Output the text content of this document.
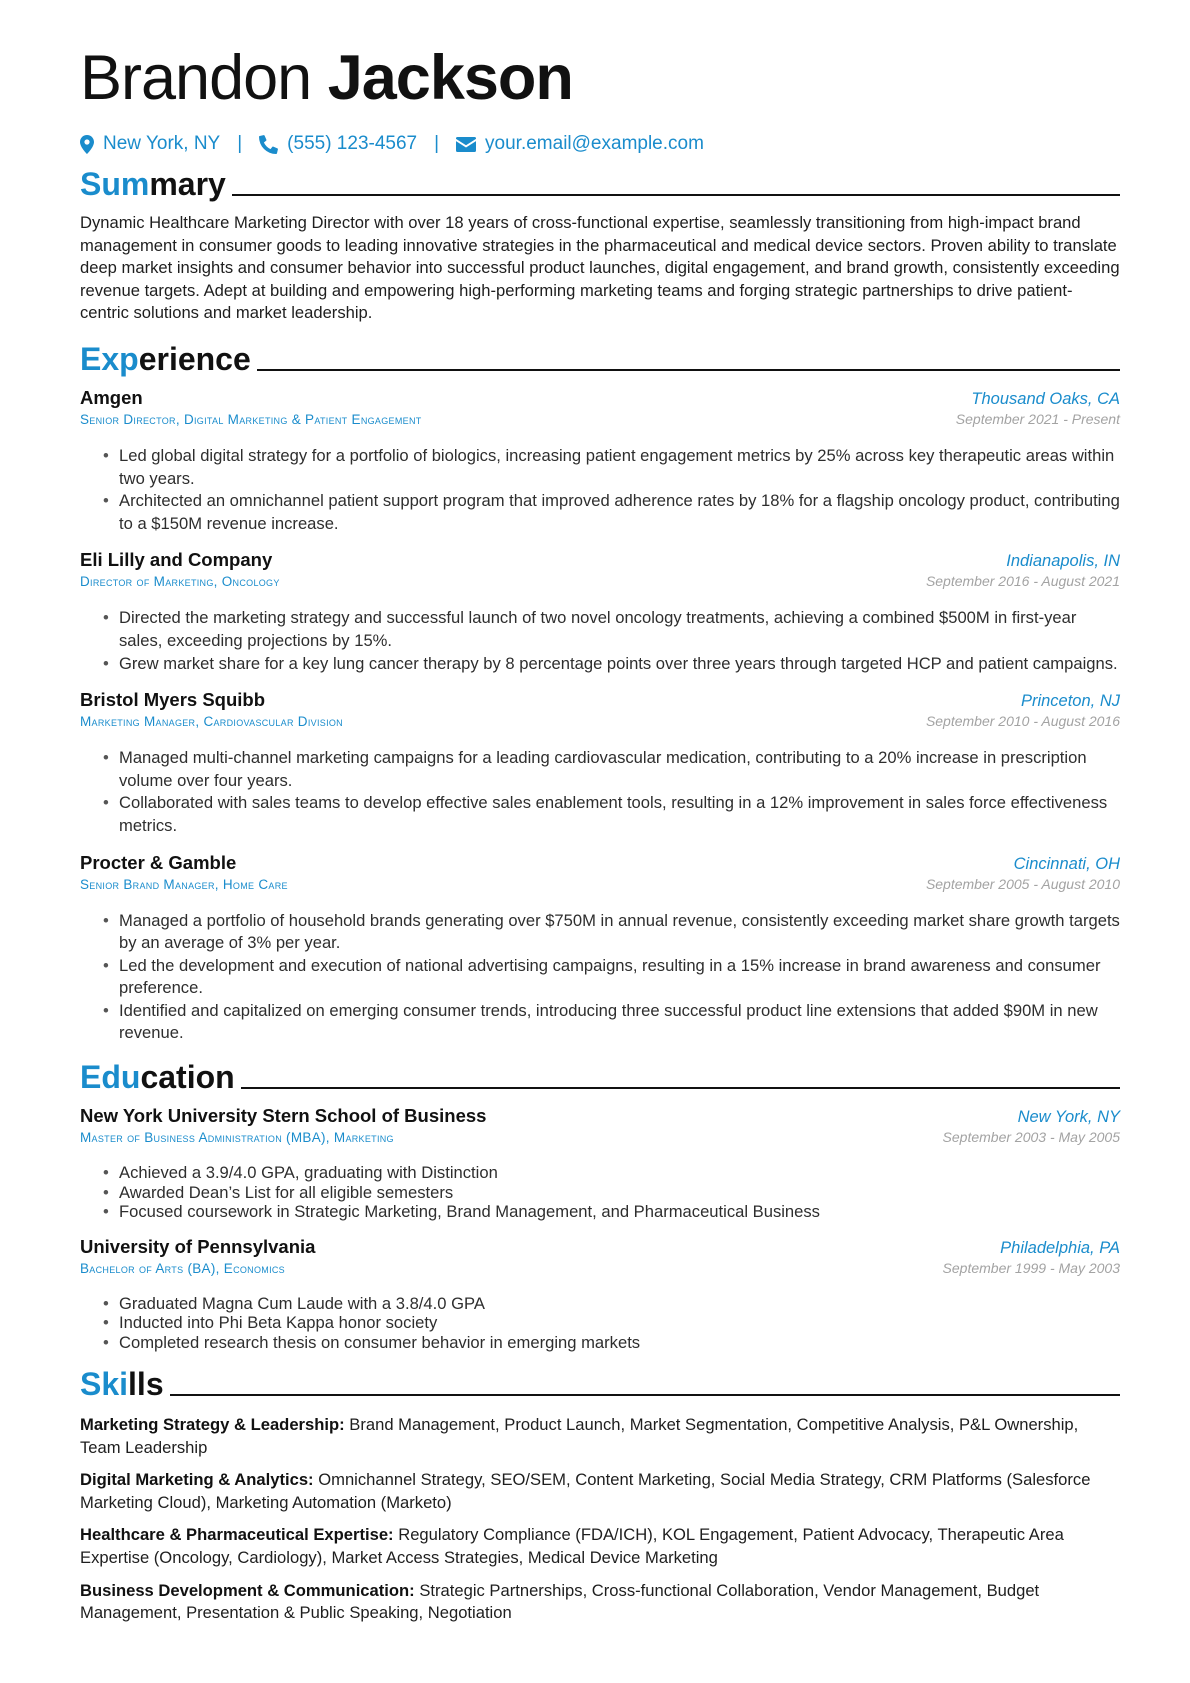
Brandon Jackson
New York, NY | (555) 123-4567 | your.email@example.com
Summary

Dynamic Healthcare Marketing Director with over 18 years of cross-functional expertise, seamlessly transitioning from high-impact brand management in consumer goods to leading innovative strategies in the pharmaceutical and medical device sectors. Proven ability to translate deep market insights and consumer behavior into successful product launches, digital engagement, and brand growth, consistently exceeding revenue targets. Adept at building and empowering high-performing marketing teams and forging strategic partnerships to drive patient-centric solutions and market leadership.

Experience
Amgen	Thousand Oaks, CA
Senior Director, Digital Marketing & Patient Engagement	September 2021 - Present
• Led global digital strategy for a portfolio of biologics, increasing patient engagement metrics by 25% across key therapeutic areas within two years.
• Architected an omnichannel patient support program that improved adherence rates by 18% for a flagship oncology product, contributing to a $150M revenue increase.
Eli Lilly and Company	Indianapolis, IN
Director of Marketing, Oncology	September 2016 - August 2021
• Directed the marketing strategy and successful launch of two novel oncology treatments, achieving a combined $500M in first-year sales, exceeding projections by 15%.
• Grew market share for a key lung cancer therapy by 8 percentage points over three years through targeted HCP and patient campaigns.
Bristol Myers Squibb	Princeton, NJ
Marketing Manager, Cardiovascular Division	September 2010 - August 2016
• Managed multi-channel marketing campaigns for a leading cardiovascular medication, contributing to a 20% increase in prescription volume over four years.
• Collaborated with sales teams to develop effective sales enablement tools, resulting in a 12% improvement in sales force effectiveness metrics.
Procter & Gamble	Cincinnati, OH
Senior Brand Manager, Home Care	September 2005 - August 2010
• Managed a portfolio of household brands generating over $750M in annual revenue, consistently exceeding market share growth targets by an average of 3% per year.
• Led the development and execution of national advertising campaigns, resulting in a 15% increase in brand awareness and consumer preference.
• Identified and capitalized on emerging consumer trends, introducing three successful product line extensions that added $90M in new revenue.
Education
New York University Stern School of Business	New York, NY
Master of Business Administration (MBA), Marketing	September 2003 - May 2005
• Achieved a 3.9/4.0 GPA, graduating with Distinction
• Awarded Dean’s List for all eligible semesters
• Focused coursework in Strategic Marketing, Brand Management, and Pharmaceutical Business
University of Pennsylvania	Philadelphia, PA
Bachelor of Arts (BA), Economics	September 1999 - May 2003
• Graduated Magna Cum Laude with a 3.8/4.0 GPA
• Inducted into Phi Beta Kappa honor society
• Completed research thesis on consumer behavior in emerging markets
Skills

Marketing Strategy & Leadership: Brand Management, Product Launch, Market Segmentation, Competitive Analysis, P&L Ownership, Team Leadership

Digital Marketing & Analytics: Omnichannel Strategy, SEO/SEM, Content Marketing, Social Media Strategy, CRM Platforms (Salesforce Marketing Cloud), Marketing Automation (Marketo)

Healthcare & Pharmaceutical Expertise: Regulatory Compliance (FDA/ICH), KOL Engagement, Patient Advocacy, Therapeutic Area Expertise (Oncology, Cardiology), Market Access Strategies, Medical Device Marketing

Business Development & Communication: Strategic Partnerships, Cross-functional Collaboration, Vendor Management, Budget Management, Presentation & Public Speaking, Negotiation
